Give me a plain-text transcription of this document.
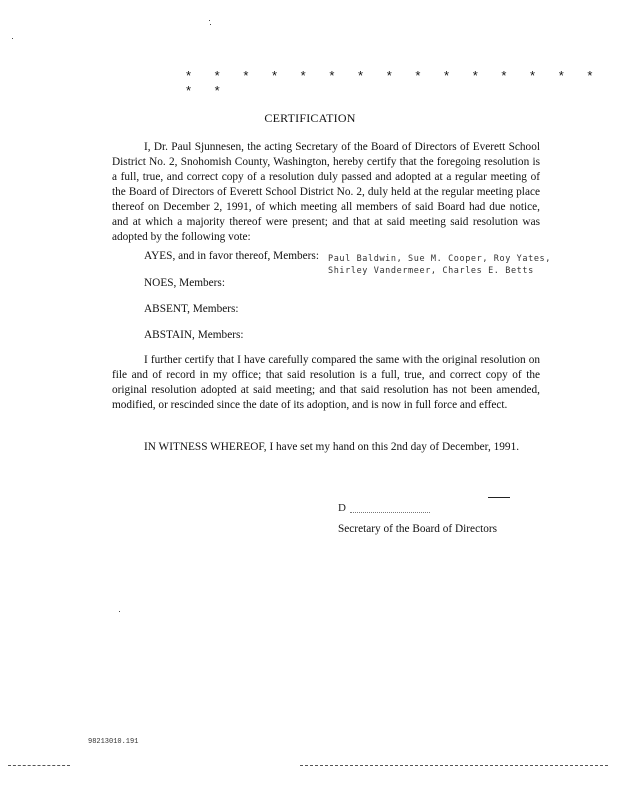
* * * * * * * * * * * * * * * * *
CERTIFICATION

I, Dr. Paul Sjunnesen, the acting Secretary of the Board of Directors of Everett School District No. 2, Snohomish County, Washington, hereby certify that the foregoing resolution is a full, true, and correct copy of a resolution duly passed and adopted at a regular meeting of the Board of Directors of Everett School District No. 2, duly held at the regular meeting place thereof on December 2, 1991, of which meeting all members of said Board had due notice, and at which a majority thereof were present; and that at said meeting said resolution was adopted by the following vote:

AYES, and in favor thereof, Members: Paul Baldwin, Sue M. Cooper, Roy Yates,
Shirley Vandermeer, Charles E. Betts
NOES, Members:
ABSENT, Members:
ABSTAIN, Members:

I further certify that I have carefully compared the same with the original resolution on file and of record in my office; that said resolution is a full, true, and correct copy of the original resolution adopted at said meeting; and that said resolution has not been amended, modified, or rescinded since the date of its adoption, and is now in full force and effect.

IN WITNESS WHEREOF, I have set my hand on this 2nd day of December, 1991.
D
Secretary of the Board of Directors
98213010.191
